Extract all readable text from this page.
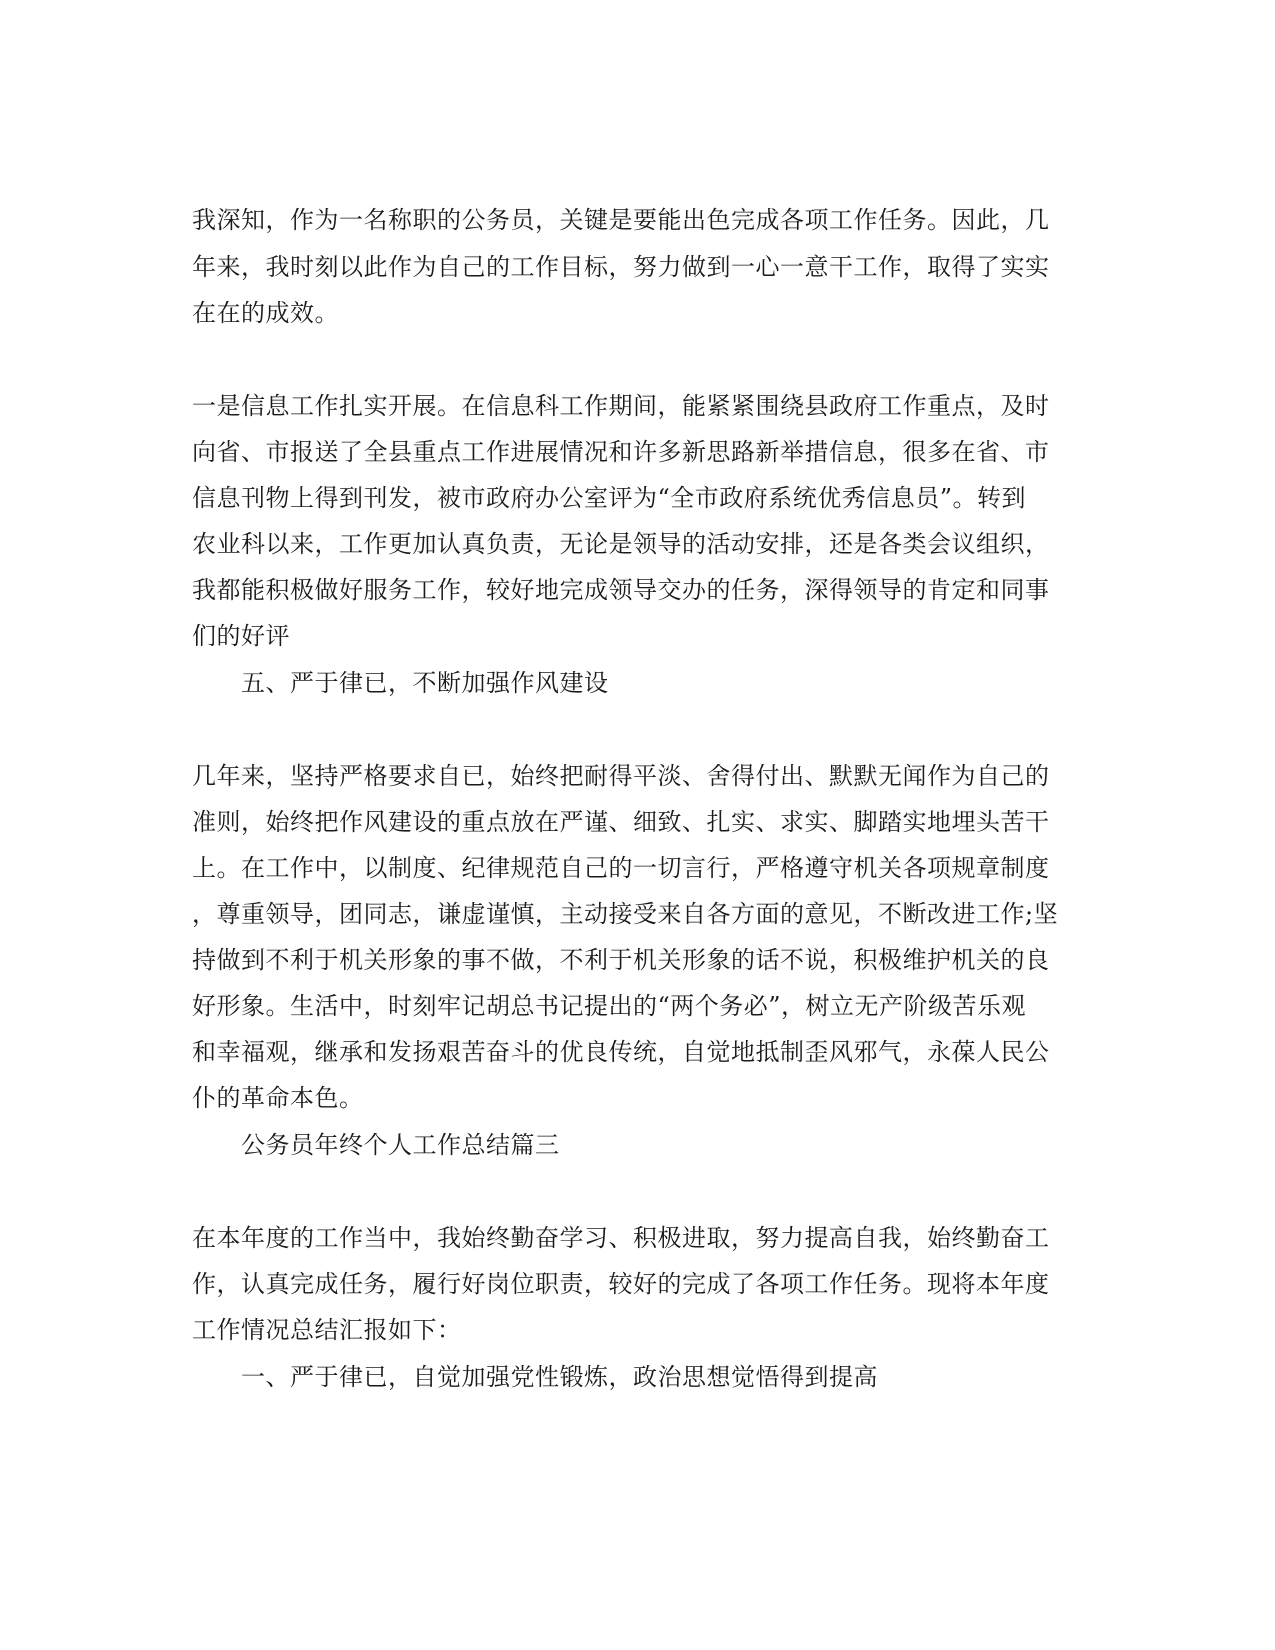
我深知，作为一名称职的公务员，关键是要能出色完成各项工作任务。因此，几
年来，我时刻以此作为自己的工作目标，努力做到一心一意干工作，取得了实实
在在的成效。
一是信息工作扎实开展。在信息科工作期间，能紧紧围绕县政府工作重点，及时
向省、市报送了全县重点工作进展情况和许多新思路新举措信息，很多在省、市
信息刊物上得到刊发，被市政府办公室评为“全市政府系统优秀信息员”。转到
农业科以来，工作更加认真负责，无论是领导的活动安排，还是各类会议组织，
我都能积极做好服务工作，较好地完成领导交办的任务，深得领导的肯定和同事
们的好评
五、严于律已，不断加强作风建设
几年来，坚持严格要求自已，始终把耐得平淡、舍得付出、默默无闻作为自己的
准则，始终把作风建设的重点放在严谨、细致、扎实、求实、脚踏实地埋头苦干
上。在工作中，以制度、纪律规范自己的一切言行，严格遵守机关各项规章制度
，尊重领导，团同志，谦虚谨慎，主动接受来自各方面的意见，不断改进工作;坚
持做到不利于机关形象的事不做，不利于机关形象的话不说，积极维护机关的良
好形象。生活中，时刻牢记胡总书记提出的“两个务必”，树立无产阶级苦乐观
和幸福观，继承和发扬艰苦奋斗的优良传统，自觉地抵制歪风邪气，永葆人民公
仆的革命本色。
公务员年终个人工作总结篇三
在本年度的工作当中，我始终勤奋学习、积极进取，努力提高自我，始终勤奋工
作，认真完成任务，履行好岗位职责，较好的完成了各项工作任务。现将本年度
工作情况总结汇报如下：
一、严于律已，自觉加强党性锻炼，政治思想觉悟得到提高
